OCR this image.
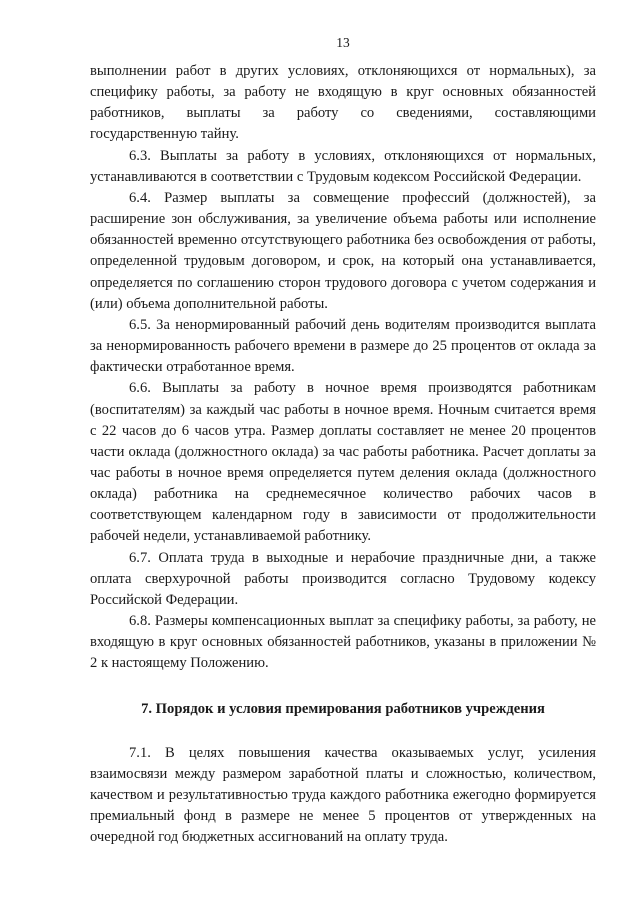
13

выполнении работ в других условиях, отклоняющихся от нормальных), за специфику работы, за работу не входящую в круг основных обязанностей работников, выплаты за работу со сведениями, составляющими государственную тайну.

6.3. Выплаты за работу в условиях, отклоняющихся от нормальных, устанавливаются в соответствии с Трудовым кодексом Российской Федерации.

6.4. Размер выплаты за совмещение профессий (должностей), за расширение зон обслуживания, за увеличение объема работы или исполнение обязанностей временно отсутствующего работника без освобождения от работы, определенной трудовым договором, и срок, на который она устанавливается, определяется по соглашению сторон трудового договора с учетом содержания и (или) объема дополнительной работы.

6.5. За ненормированный рабочий день водителям производится выплата за ненормированность рабочего времени в размере до 25 процентов от оклада за фактически отработанное время.

6.6. Выплаты за работу в ночное время производятся работникам (воспитателям) за каждый час работы в ночное время. Ночным считается время с 22 часов до 6 часов утра. Размер доплаты составляет не менее 20 процентов части оклада (должностного оклада) за час работы работника. Расчет доплаты за час работы в ночное время определяется путем деления оклада (должностного оклада) работника на среднемесячное количество рабочих часов в соответствующем календарном году в зависимости от продолжительности рабочей недели, устанавливаемой работнику.

6.7. Оплата труда в выходные и нерабочие праздничные дни, а также оплата сверхурочной работы производится согласно Трудовому кодексу Российской Федерации.

6.8. Размеры компенсационных выплат за специфику работы, за работу, не входящую в круг основных обязанностей работников, указаны в приложении № 2 к настоящему Положению.

7. Порядок и условия премирования работников учреждения

7.1. В целях повышения качества оказываемых услуг, усиления взаимосвязи между размером заработной платы и сложностью, количеством, качеством и результативностью труда каждого работника ежегодно формируется премиальный фонд в размере не менее 5 процентов от утвержденных на очередной год бюджетных ассигнований на оплату труда.
